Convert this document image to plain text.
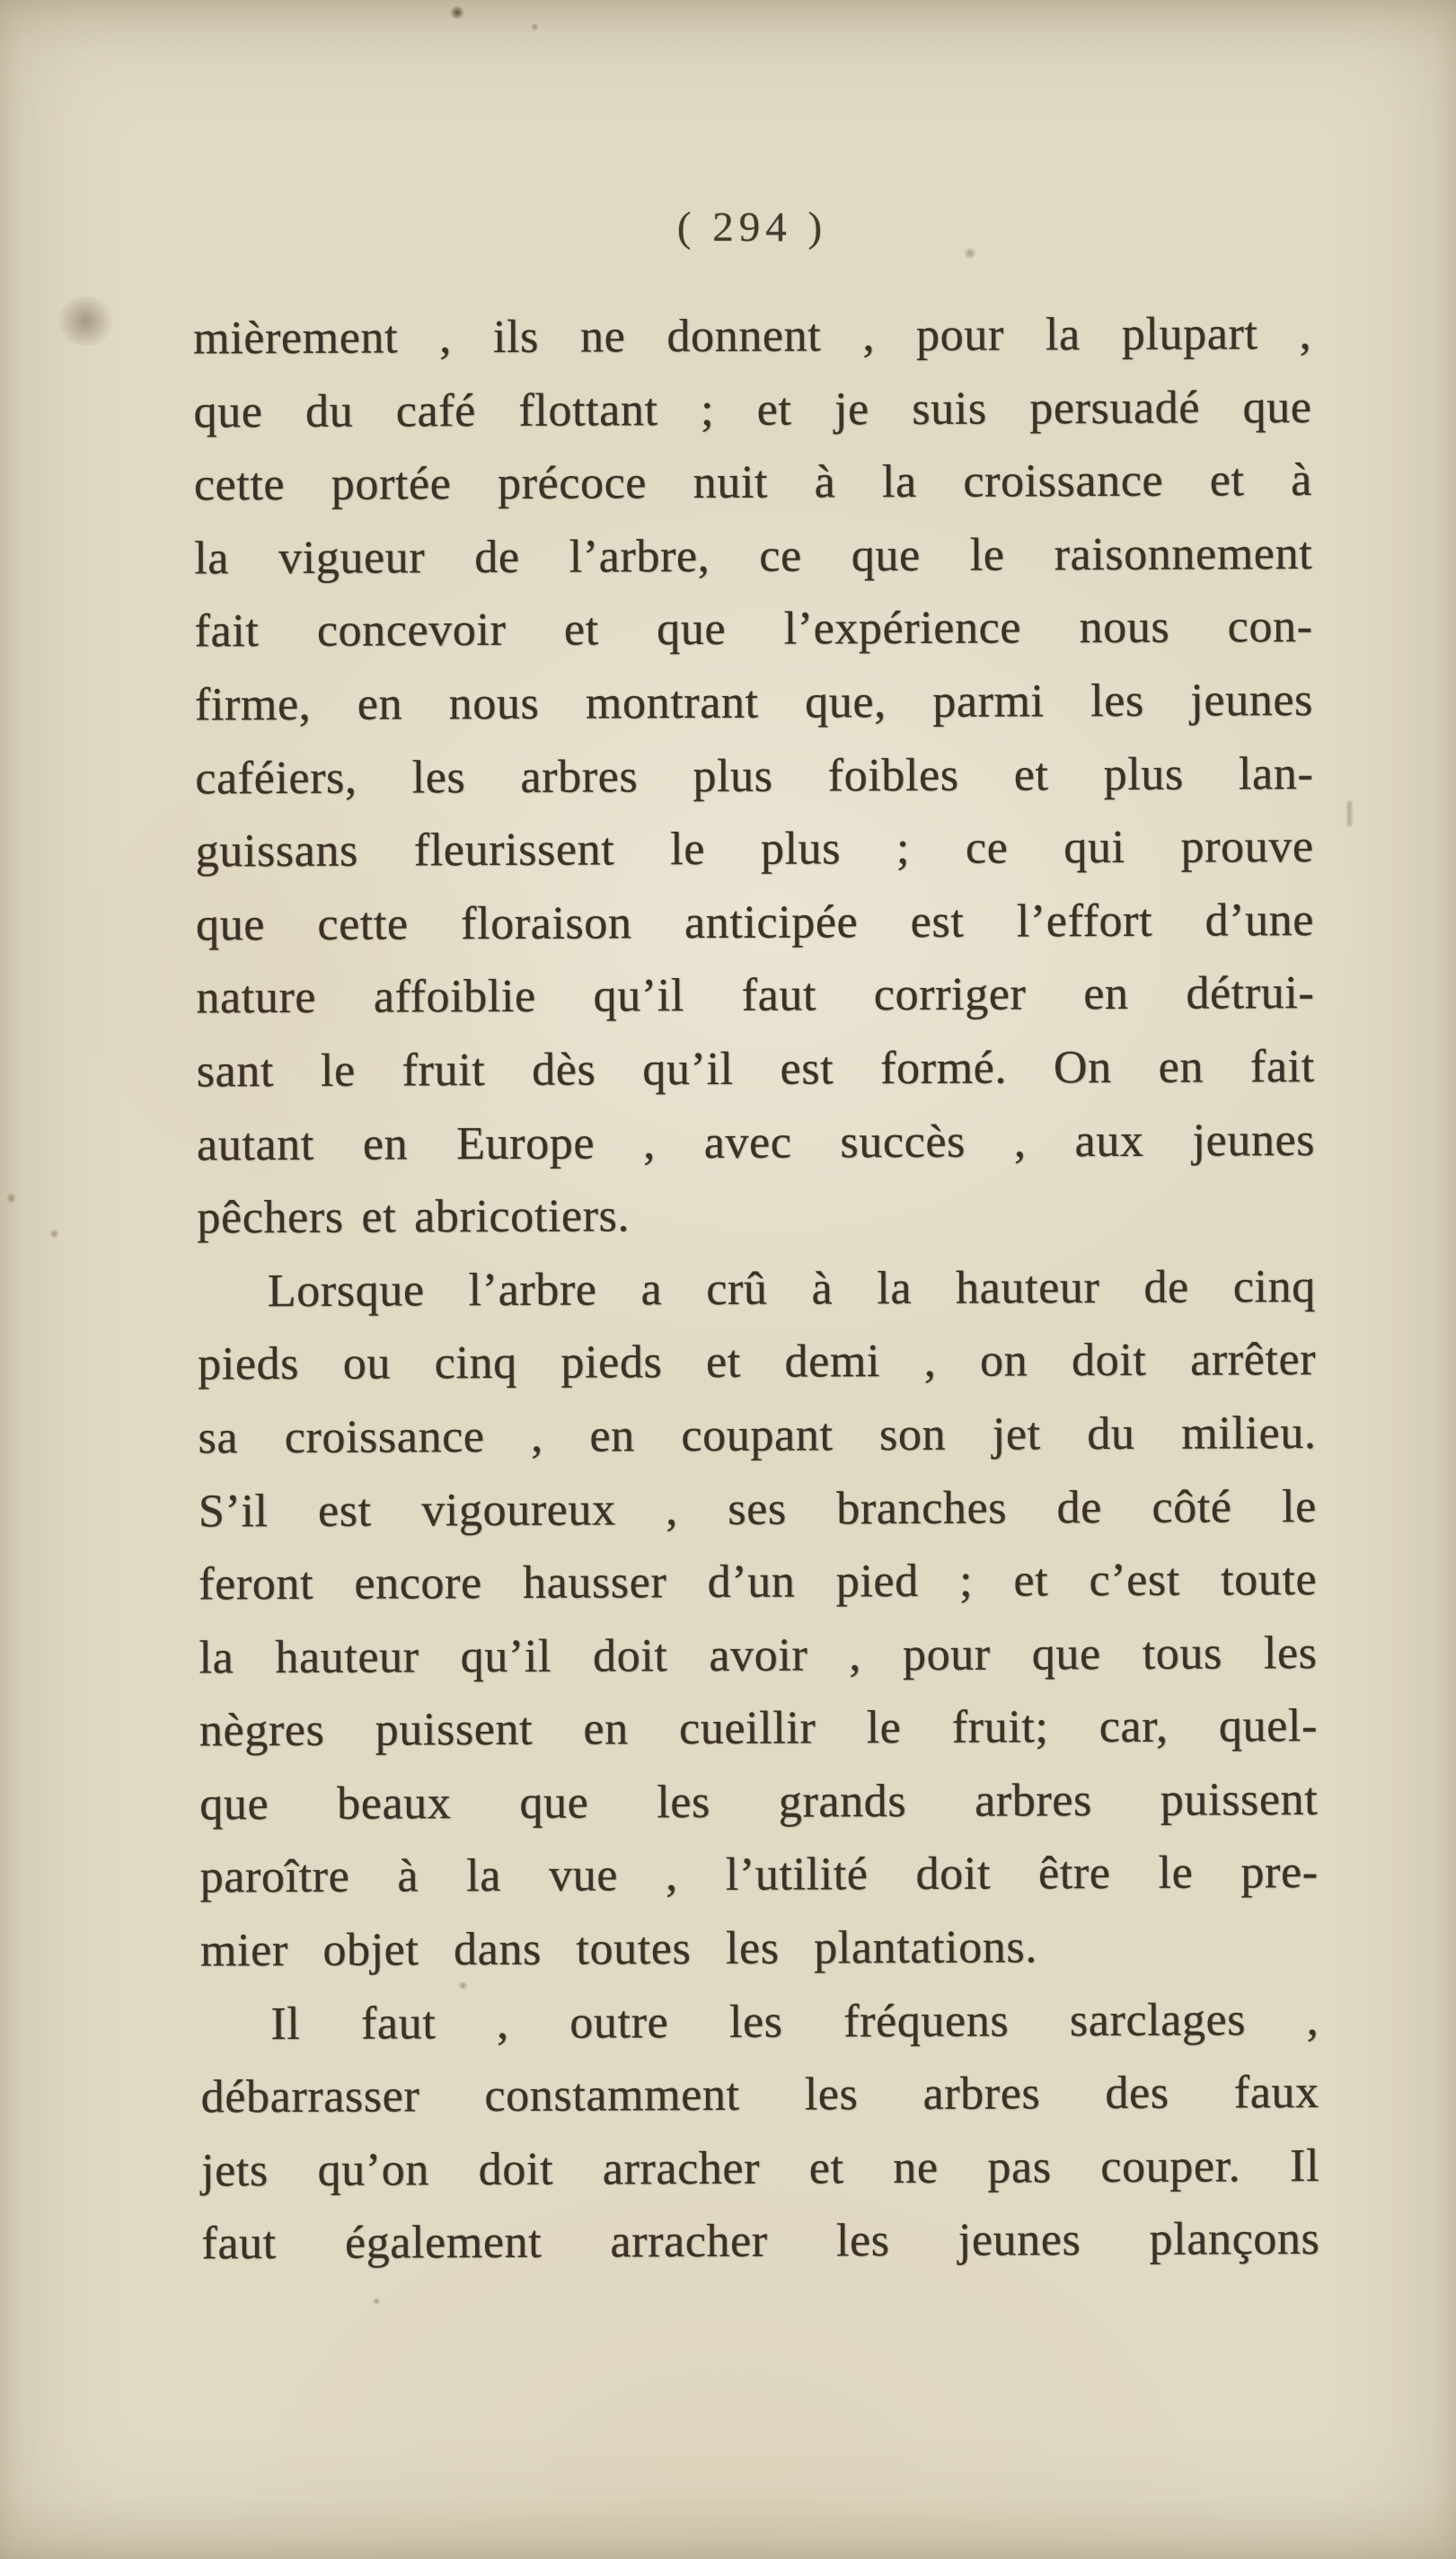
( 294 )
mièrement , ils ne donnent , pour la plupart ,
que du café flottant ; et je suis persuadé que
cette portée précoce nuit à la croissance et à
la vigueur de l’arbre, ce que le raisonnement
fait concevoir et que l’expérience nous con-
firme, en nous montrant que, parmi les jeunes
caféiers, les arbres plus foibles et plus lan-
guissans fleurissent le plus ; ce qui prouve
que cette floraison anticipée est l’effort d’une
nature affoiblie qu’il faut corriger en détrui-
sant le fruit dès qu’il est formé. On en fait
autant en Europe , avec succès , aux jeunes
pêchers et abricotiers.
Lorsque l’arbre a crû à la hauteur de cinq
pieds ou cinq pieds et demi , on doit arrêter
sa croissance , en coupant son jet du milieu.
S’il est vigoureux , ses branches de côté le
feront encore hausser d’un pied ; et c’est toute
la hauteur qu’il doit avoir , pour que tous les
nègres puissent en cueillir le fruit; car, quel-
que beaux que les grands arbres puissent
paroître à la vue , l’utilité doit être le pre-
mier objet dans toutes les plantations.
Il faut , outre les fréquens sarclages ,
débarrasser constamment les arbres des faux
jets qu’on doit arracher et ne pas couper. Il
faut également arracher les jeunes plançons
